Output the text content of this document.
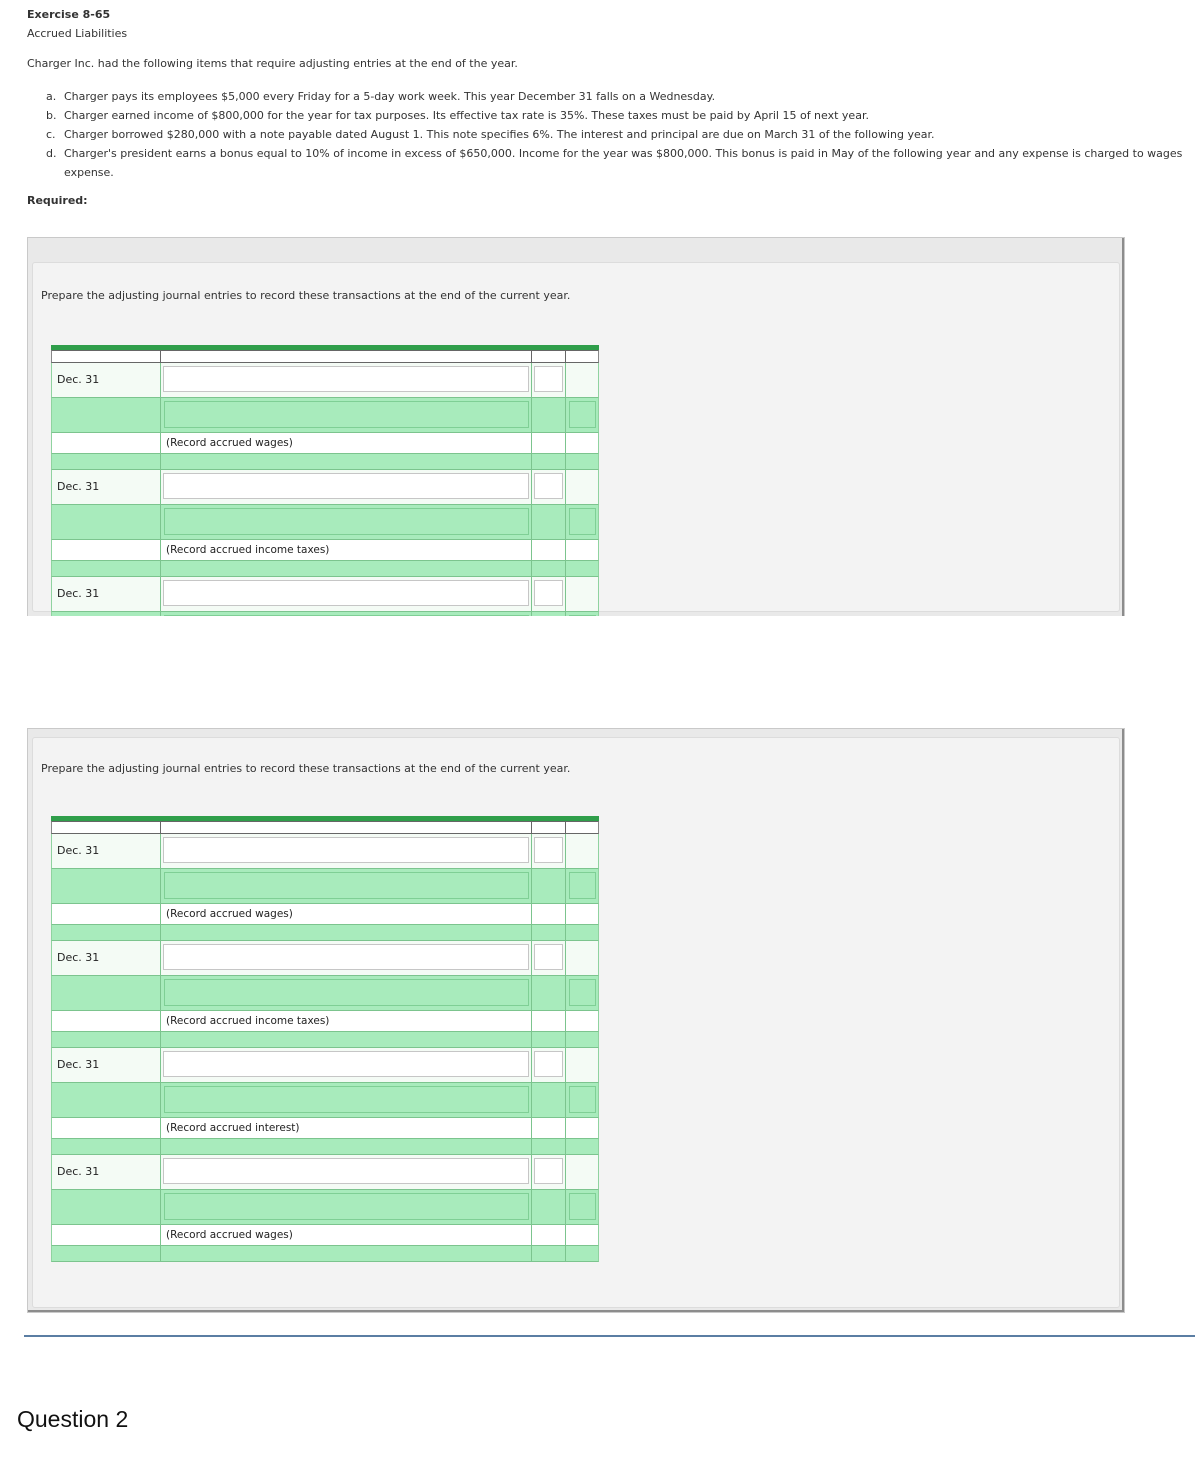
Exercise 8-65
Accrued Liabilities
Charger Inc. had the following items that require adjusting entries at the end of the year.
a. Charger pays its employees $5,000 every Friday for a 5-day work week. This year December 31 falls on a Wednesday.
b. Charger earned income of $800,000 for the year for tax purposes. Its effective tax rate is 35%. These taxes must be paid by April 15 of next year.
c. Charger borrowed $280,000 with a note payable dated August 1. This note specifies 6%. The interest and principal are due on March 31 of the following year.
d. Charger's president earns a bonus equal to 10% of income in excess of $650,000. Income for the year was $800,000. This bonus is paid in May of the following year and any expense is charged to wages expense.
Required:
Prepare the adjusting journal entries to record these transactions at the end of the current year.
Dec. 31
(Record accrued wages)
Dec. 31
(Record accrued income taxes)
Dec. 31
Prepare the adjusting journal entries to record these transactions at the end of the current year.
Dec. 31
(Record accrued wages)
Dec. 31
(Record accrued income taxes)
Dec. 31
(Record accrued interest)
Dec. 31
(Record accrued wages)
Question 2
